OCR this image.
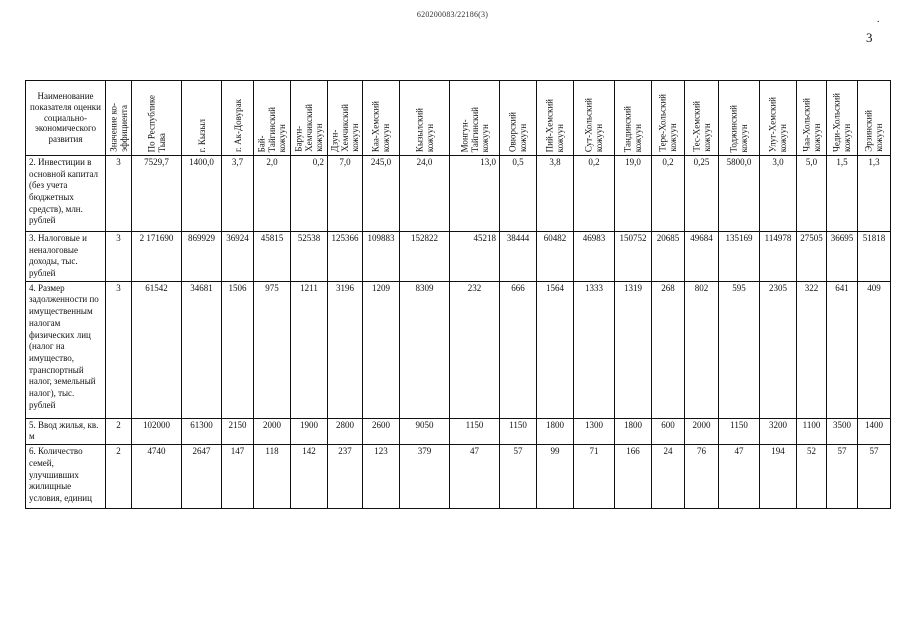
620200083/22186(3)	.
3
Наименование показателя оценки социально-экономического развития	Значение ко-
эффициента	По Республике
Тыва	г. Кызыл	г. Ак-Довурак	Бай-
Тайгинский
кожуун	Барун-
Хемчикский
кожуун	Дзун-
Хемчикский
кожуун	Каа-Хемский
кожуун	Кызылский
кожуун	Монгун-
Тайгинский
кожуун	Овюрский
кожуун	Пий-Хемский
кожуун	Сут-Хольский
кожуун	Тандинский
кожуун	Тере-Хольский
кожуун	Тес-Хемский
кожуун	Тоджинский
кожуун	Улуг-Хемский
кожуун	Чаа-Хольский
кожуун	Чеди-Хольский
кожуун	Эрзинский
кожуун

2. Инвестиции в основной капитал (без учета бюджетных средств), млн. рублей	3	7529,7	1400,0	3,7	2,0	0,2	7,0	245,0	24,0	13,0	0,5	3,8	0,2	19,0	0,2	0,25	5800,0	3,0	5,0	1,5	1,3
3. Налоговые и неналоговые доходы, тыс. рублей	3	2 171690	869929	36924	45815	52538	125366	109883	152822	45218	38444	60482	46983	150752	20685	49684	135169	114978	27505	36695	51818
4. Размер задолженности по имущественным налогам физических лиц (налог на имущество, транспортный налог, земельный налог), тыс. рублей	3	61542	34681	1506	975	1211	3196	1209	8309	232	666	1564	1333	1319	268	802	595	2305	322	641	409
5. Ввод жилья, кв. м	2	102000	61300	2150	2000	1900	2800	2600	9050	1150	1150	1800	1300	1800	600	2000	1150	3200	1100	3500	1400
6. Количество семей, улучшивших жилищные условия, единиц	2	4740	2647	147	118	142	237	123	379	47	57	99	71	166	24	76	47	194	52	57	57
